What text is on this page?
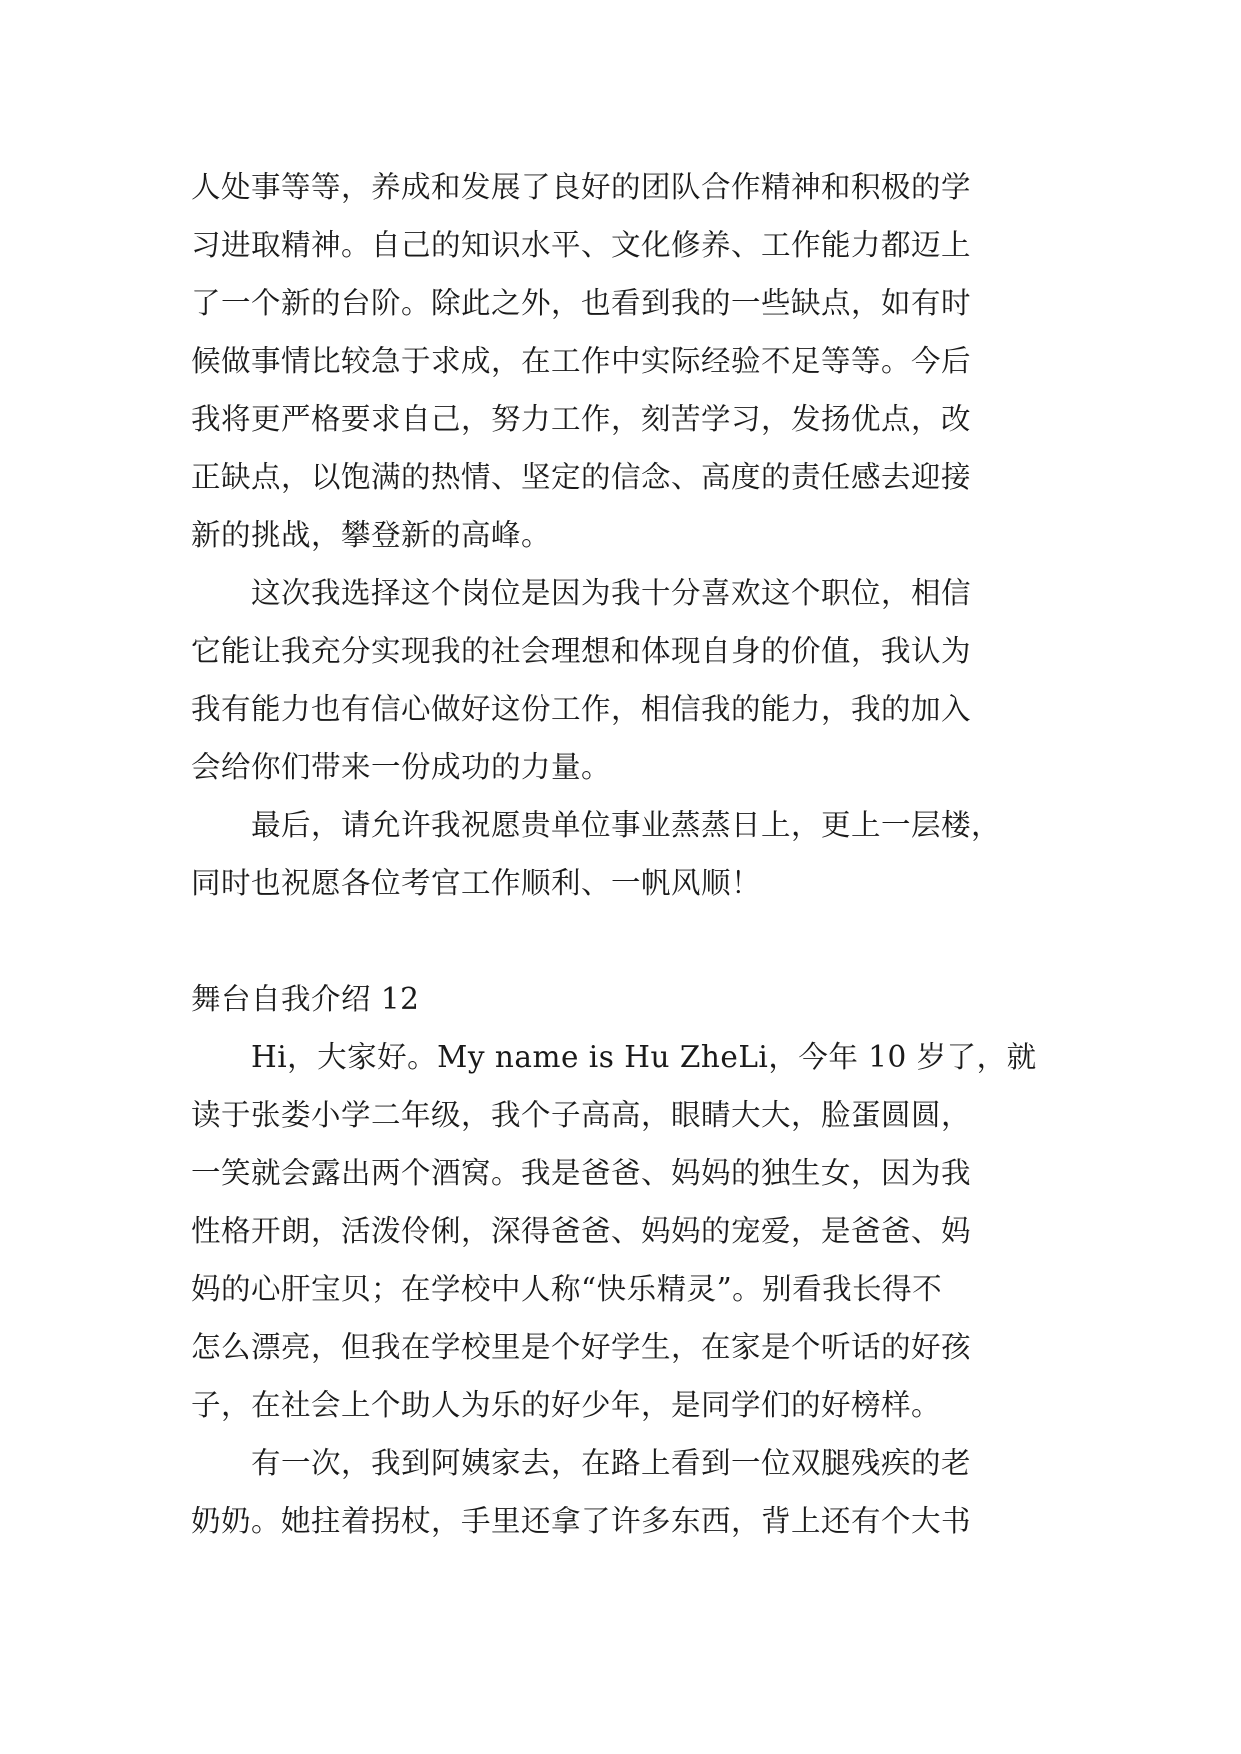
人处事等等，养成和发展了良好的团队合作精神和积极的学
习进取精神。自己的知识水平、文化修养、工作能力都迈上
了一个新的台阶。除此之外，也看到我的一些缺点，如有时
候做事情比较急于求成，在工作中实际经验不足等等。今后
我将更严格要求自己，努力工作，刻苦学习，发扬优点，改
正缺点，以饱满的热情、坚定的信念、高度的责任感去迎接
新的挑战，攀登新的高峰。
这次我选择这个岗位是因为我十分喜欢这个职位，相信
它能让我充分实现我的社会理想和体现自身的价值，我认为
我有能力也有信心做好这份工作，相信我的能力，我的加入
会给你们带来一份成功的力量。
最后，请允许我祝愿贵单位事业蒸蒸日上，更上一层楼，
同时也祝愿各位考官工作顺利、一帆风顺！
舞台自我介绍 12
Hi，大家好。My name is Hu ZheLi，今年 10 岁了，就
读于张娄小学二年级，我个子高高，眼睛大大，脸蛋圆圆，
一笑就会露出两个酒窝。我是爸爸、妈妈的独生女，因为我
性格开朗，活泼伶俐，深得爸爸、妈妈的宠爱，是爸爸、妈
妈的心肝宝贝；在学校中人称“快乐精灵”。别看我长得不
怎么漂亮，但我在学校里是个好学生，在家是个听话的好孩
子，在社会上个助人为乐的好少年，是同学们的好榜样。
有一次，我到阿姨家去，在路上看到一位双腿残疾的老
奶奶。她拄着拐杖，手里还拿了许多东西，背上还有个大书
